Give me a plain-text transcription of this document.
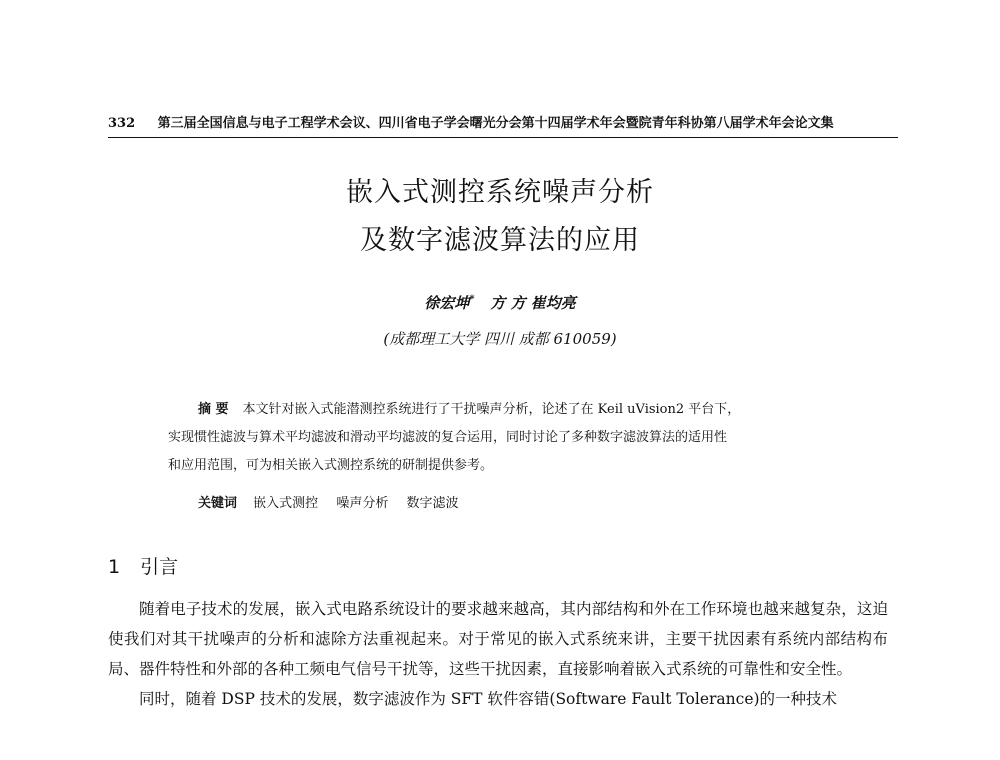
332 第三届全国信息与电子工程学术会议、四川省电子学会曙光分会第十四届学术年会暨院青年科协第八届学术年会论文集
嵌入式测控系统噪声分析
及数字滤波算法的应用
徐宏坤* 方 方 崔均亮
(成都理工大学 四川 成都 610059)
摘 要 本文针对嵌入式能潜测控系统进行了干扰噪声分析，论述了在 Keil uVision2 平台下，
实现惯性滤波与算术平均滤波和滑动平均滤波的复合运用，同时讨论了多种数字滤波算法的适用性
和应用范围，可为相关嵌入式测控系统的研制提供参考。
关键词 嵌入式测控 噪声分析 数字滤波
1 引言

随着电子技术的发展，嵌入式电路系统设计的要求越来越高，其内部结构和外在工作环境也越来越复杂，这迫使我们对其干扰噪声的分析和滤除方法重视起来。对于常见的嵌入式系统来讲，主要干扰因素有系统内部结构布局、器件特性和外部的各种工频电气信号干扰等，这些干扰因素，直接影响着嵌入式系统的可靠性和安全性。

同时，随着 DSP 技术的发展，数字滤波作为 SFT 软件容错(Software Fault Tolerance)的一种技术
